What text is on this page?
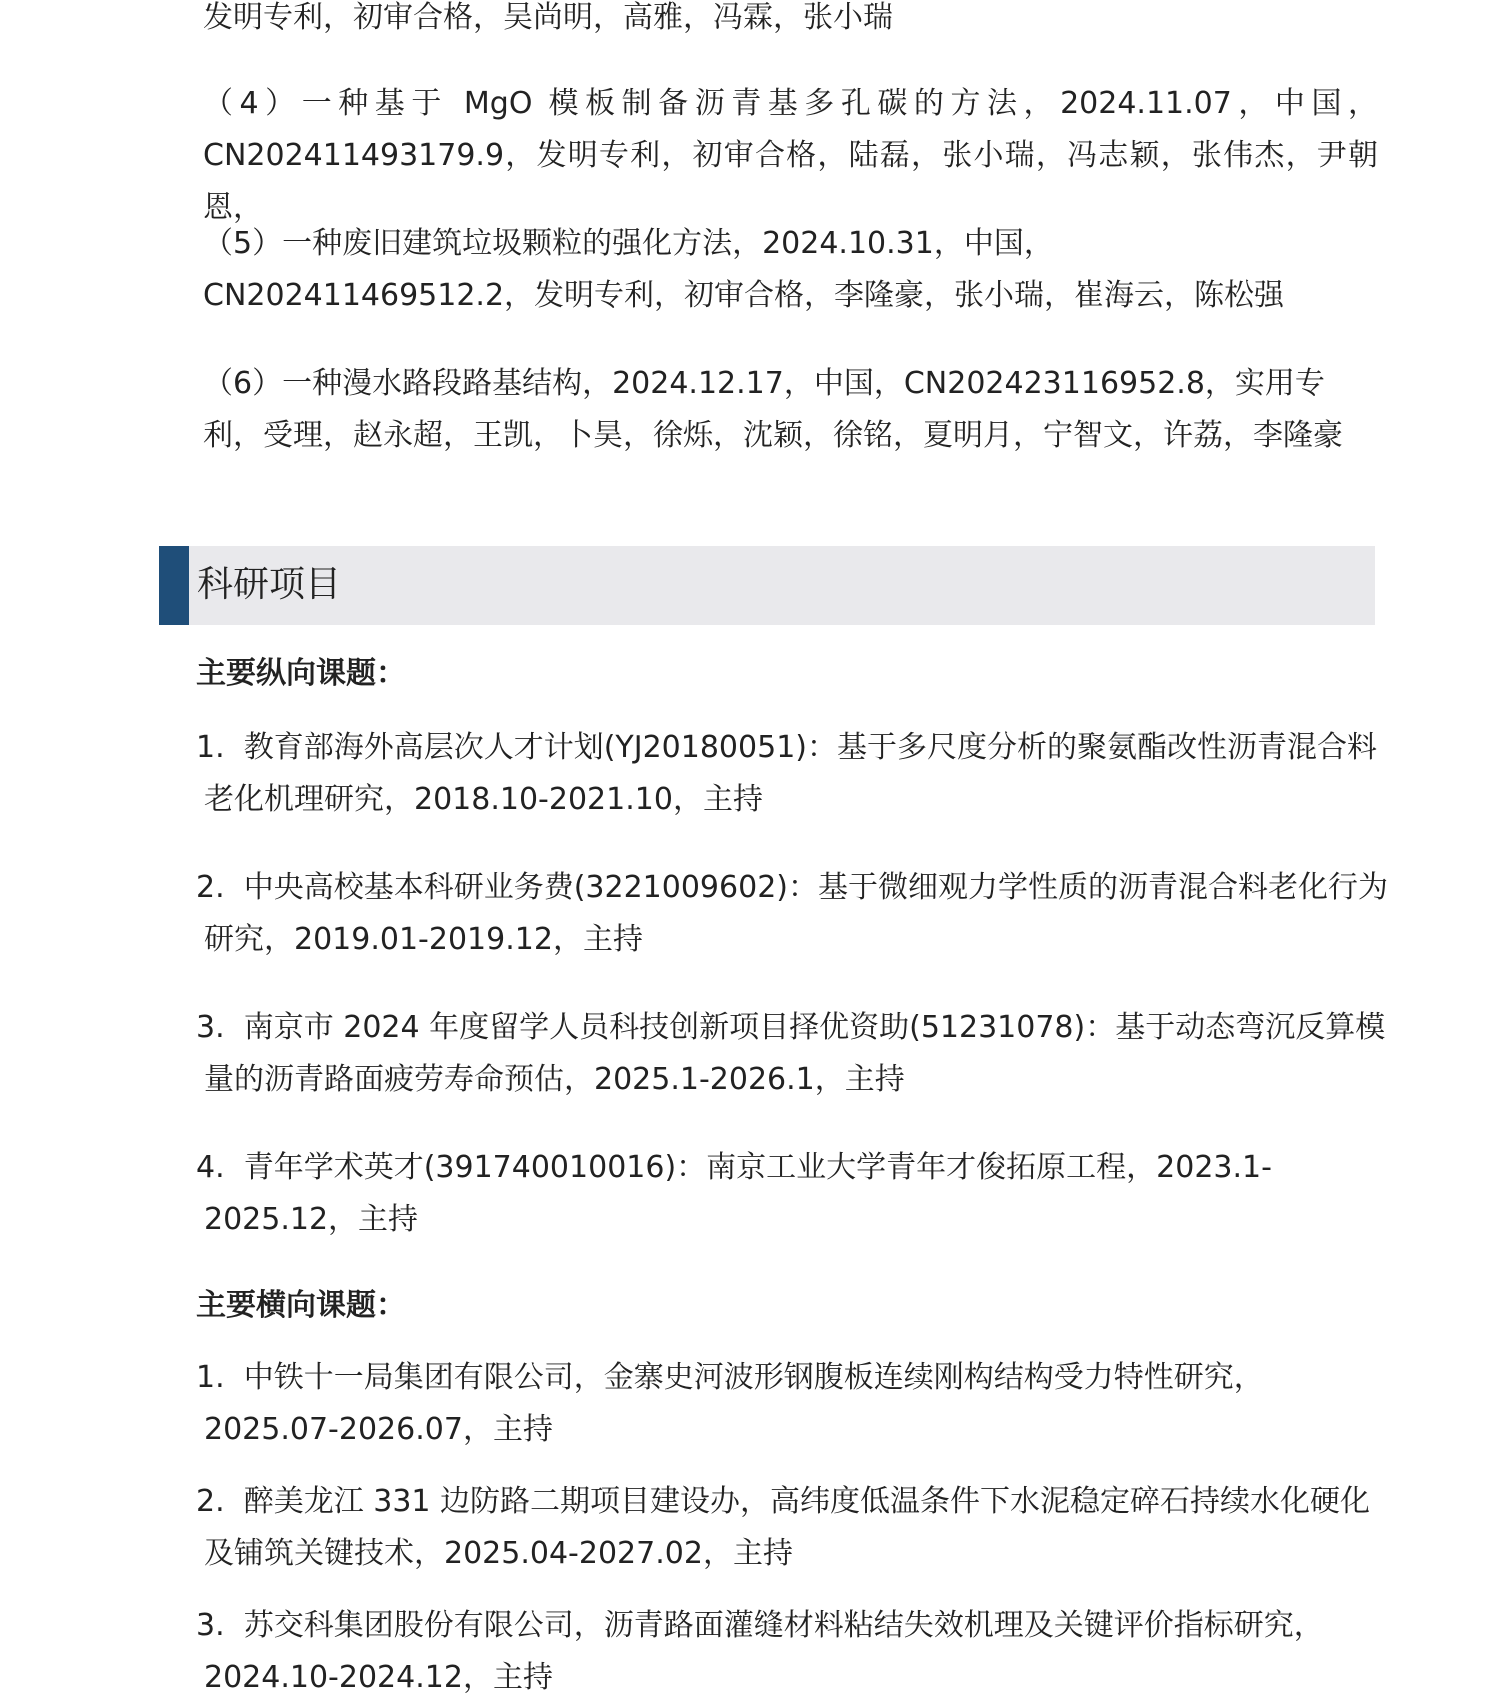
发明专利，初审合格，吴尚明，高雅，冯霖，张小瑞

（4）一种基于 MgO 模板制备沥青基多孔碳的方法，2024.11.07，中国，CN202411493179.9，发明专利，初审合格，陆磊，张小瑞，冯志颖，张伟杰，尹朝恩，

（5）一种废旧建筑垃圾颗粒的强化方法，2024.10.31，中国，CN202411469512.2，发明专利，初审合格，李隆豪，张小瑞，崔海云，陈松强

（6）一种漫水路段路基结构，2024.12.17，中国，CN202423116952.8，实用专利，受理，赵永超，王凯，卜昊，徐烁，沈颖，徐铭，夏明月，宁智文，许荔，李隆豪

科研项目

主要纵向课题：

1. 教育部海外高层次人才计划(YJ20180051)：基于多尺度分析的聚氨酯改性沥青混合料老化机理研究，2018.10-2021.10，主持

2. 中央高校基本科研业务费(3221009602)：基于微细观力学性质的沥青混合料老化行为研究，2019.01-2019.12，主持

3. 南京市 2024 年度留学人员科技创新项目择优资助(51231078)：基于动态弯沉反算模量的沥青路面疲劳寿命预估，2025.1-2026.1，主持

4. 青年学术英才(391740010016)：南京工业大学青年才俊拓原工程，2023.1-2025.12，主持

主要横向课题：

1. 中铁十一局集团有限公司，金寨史河波形钢腹板连续刚构结构受力特性研究，2025.07-2026.07，主持

2. 醉美龙江 331 边防路二期项目建设办，高纬度低温条件下水泥稳定碎石持续水化硬化及铺筑关键技术，2025.04-2027.02，主持

3. 苏交科集团股份有限公司，沥青路面灌缝材料粘结失效机理及关键评价指标研究，2024.10-2024.12，主持
